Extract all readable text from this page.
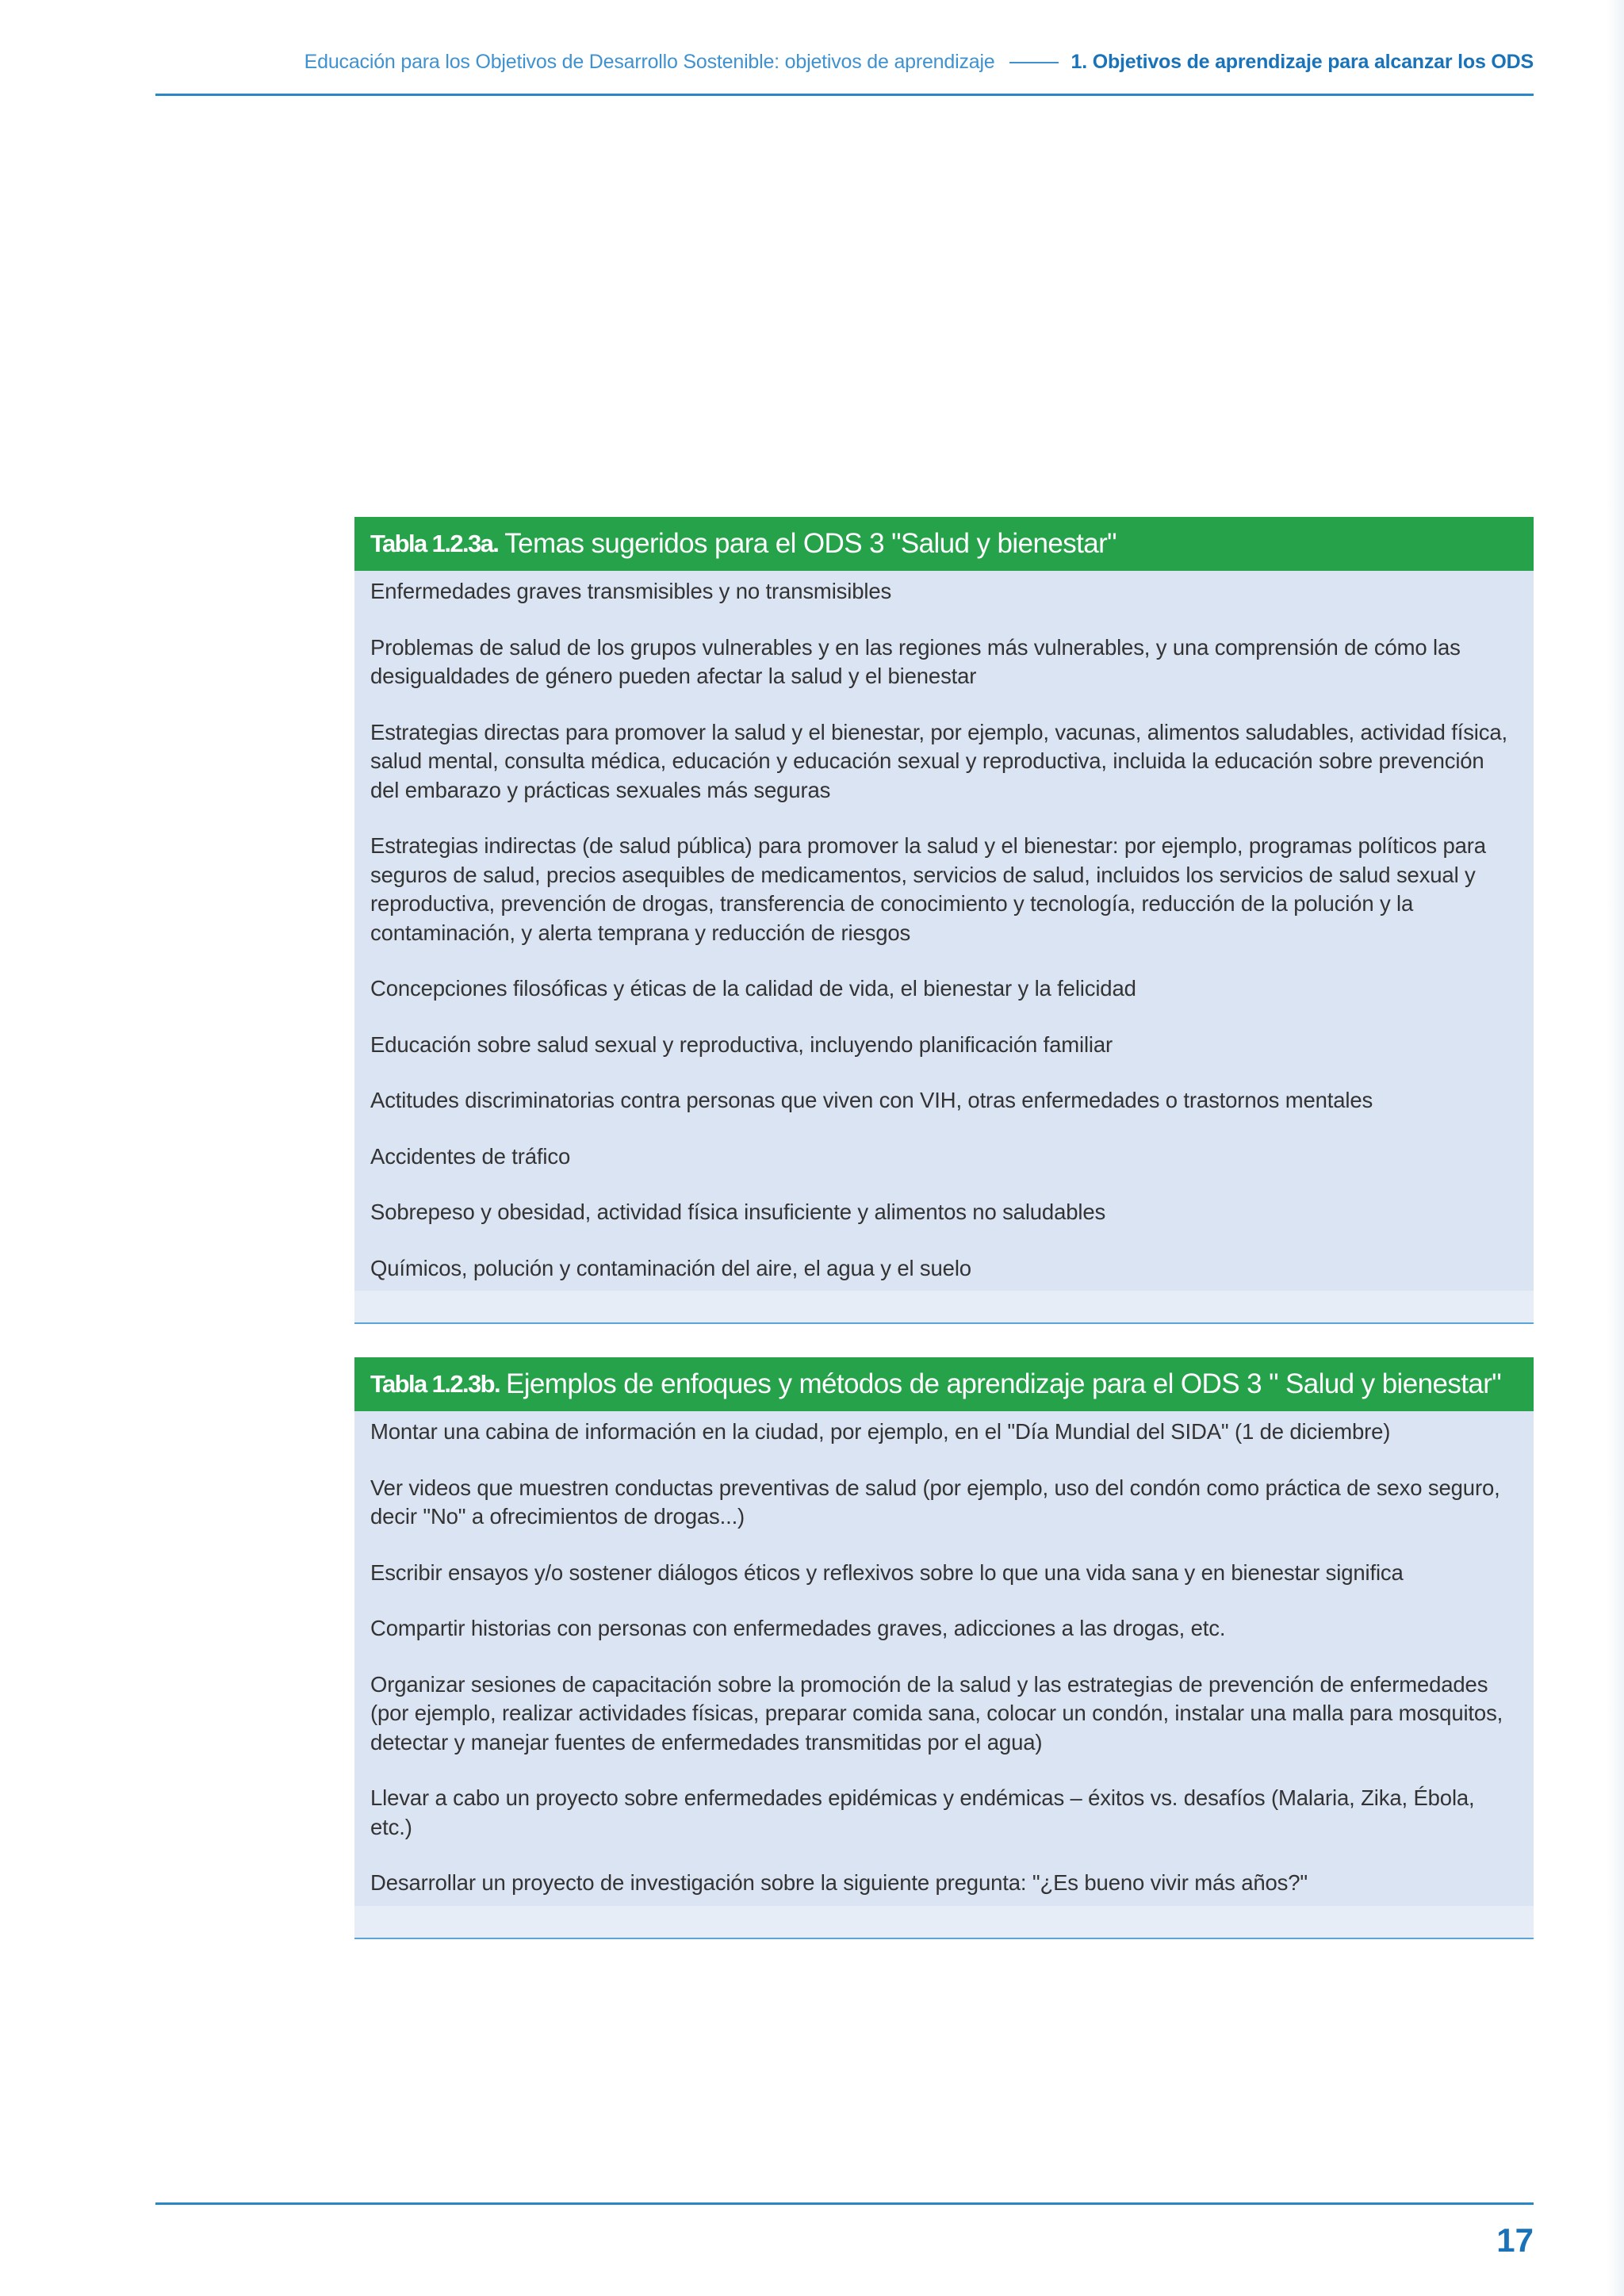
Educación para los Objetivos de Desarrollo Sostenible: objetivos de aprendizaje	1. Objetivos de aprendizaje para alcanzar los ODS
Tabla 1.2.3a. Temas sugeridos para el ODS 3 "Salud y bienestar"
Enfermedades graves transmisibles y no transmisibles
Problemas de salud de los grupos vulnerables y en las regiones más vulnerables, y una comprensión de cómo las desigualdades de género pueden afectar la salud y el bienestar
Estrategias directas para promover la salud y el bienestar, por ejemplo, vacunas, alimentos saludables, actividad física, salud mental, consulta médica, educación y educación sexual y reproductiva, incluida la educación sobre prevención del embarazo y prácticas sexuales más seguras
Estrategias indirectas (de salud pública) para promover la salud y el bienestar: por ejemplo, programas políticos para seguros de salud, precios asequibles de medicamentos, servicios de salud, incluidos los servicios de salud sexual y reproductiva, prevención de drogas, transferencia de conocimiento y tecnología, reducción de la polución y la contaminación, y alerta temprana y reducción de riesgos
Concepciones filosóficas y éticas de la calidad de vida, el bienestar y la felicidad
Educación sobre salud sexual y reproductiva, incluyendo planificación familiar
Actitudes discriminatorias contra personas que viven con VIH, otras enfermedades o trastornos mentales
Accidentes de tráfico
Sobrepeso y obesidad, actividad física insuficiente y alimentos no saludables
Químicos, polución y contaminación del aire, el agua y el suelo
Tabla 1.2.3b. Ejemplos de enfoques y métodos de aprendizaje para el ODS 3 " Salud y bienestar"
Montar una cabina de información en la ciudad, por ejemplo, en el "Día Mundial del SIDA" (1 de diciembre)
Ver videos que muestren conductas preventivas de salud (por ejemplo, uso del condón como práctica de sexo seguro, decir "No" a ofrecimientos de drogas...)
Escribir ensayos y/o sostener diálogos éticos y reflexivos sobre lo que una vida sana y en bienestar significa
Compartir historias con personas con enfermedades graves, adicciones a las drogas, etc.
Organizar sesiones de capacitación sobre la promoción de la salud y las estrategias de prevención de enfermedades (por ejemplo, realizar actividades físicas, preparar comida sana, colocar un condón, instalar una malla para mosquitos, detectar y manejar fuentes de enfermedades transmitidas por el agua)
Llevar a cabo un proyecto sobre enfermedades epidémicas y endémicas – éxitos vs. desafíos (Malaria, Zika, Ébola, etc.)
Desarrollar un proyecto de investigación sobre la siguiente pregunta: "¿Es bueno vivir más años?"
17
